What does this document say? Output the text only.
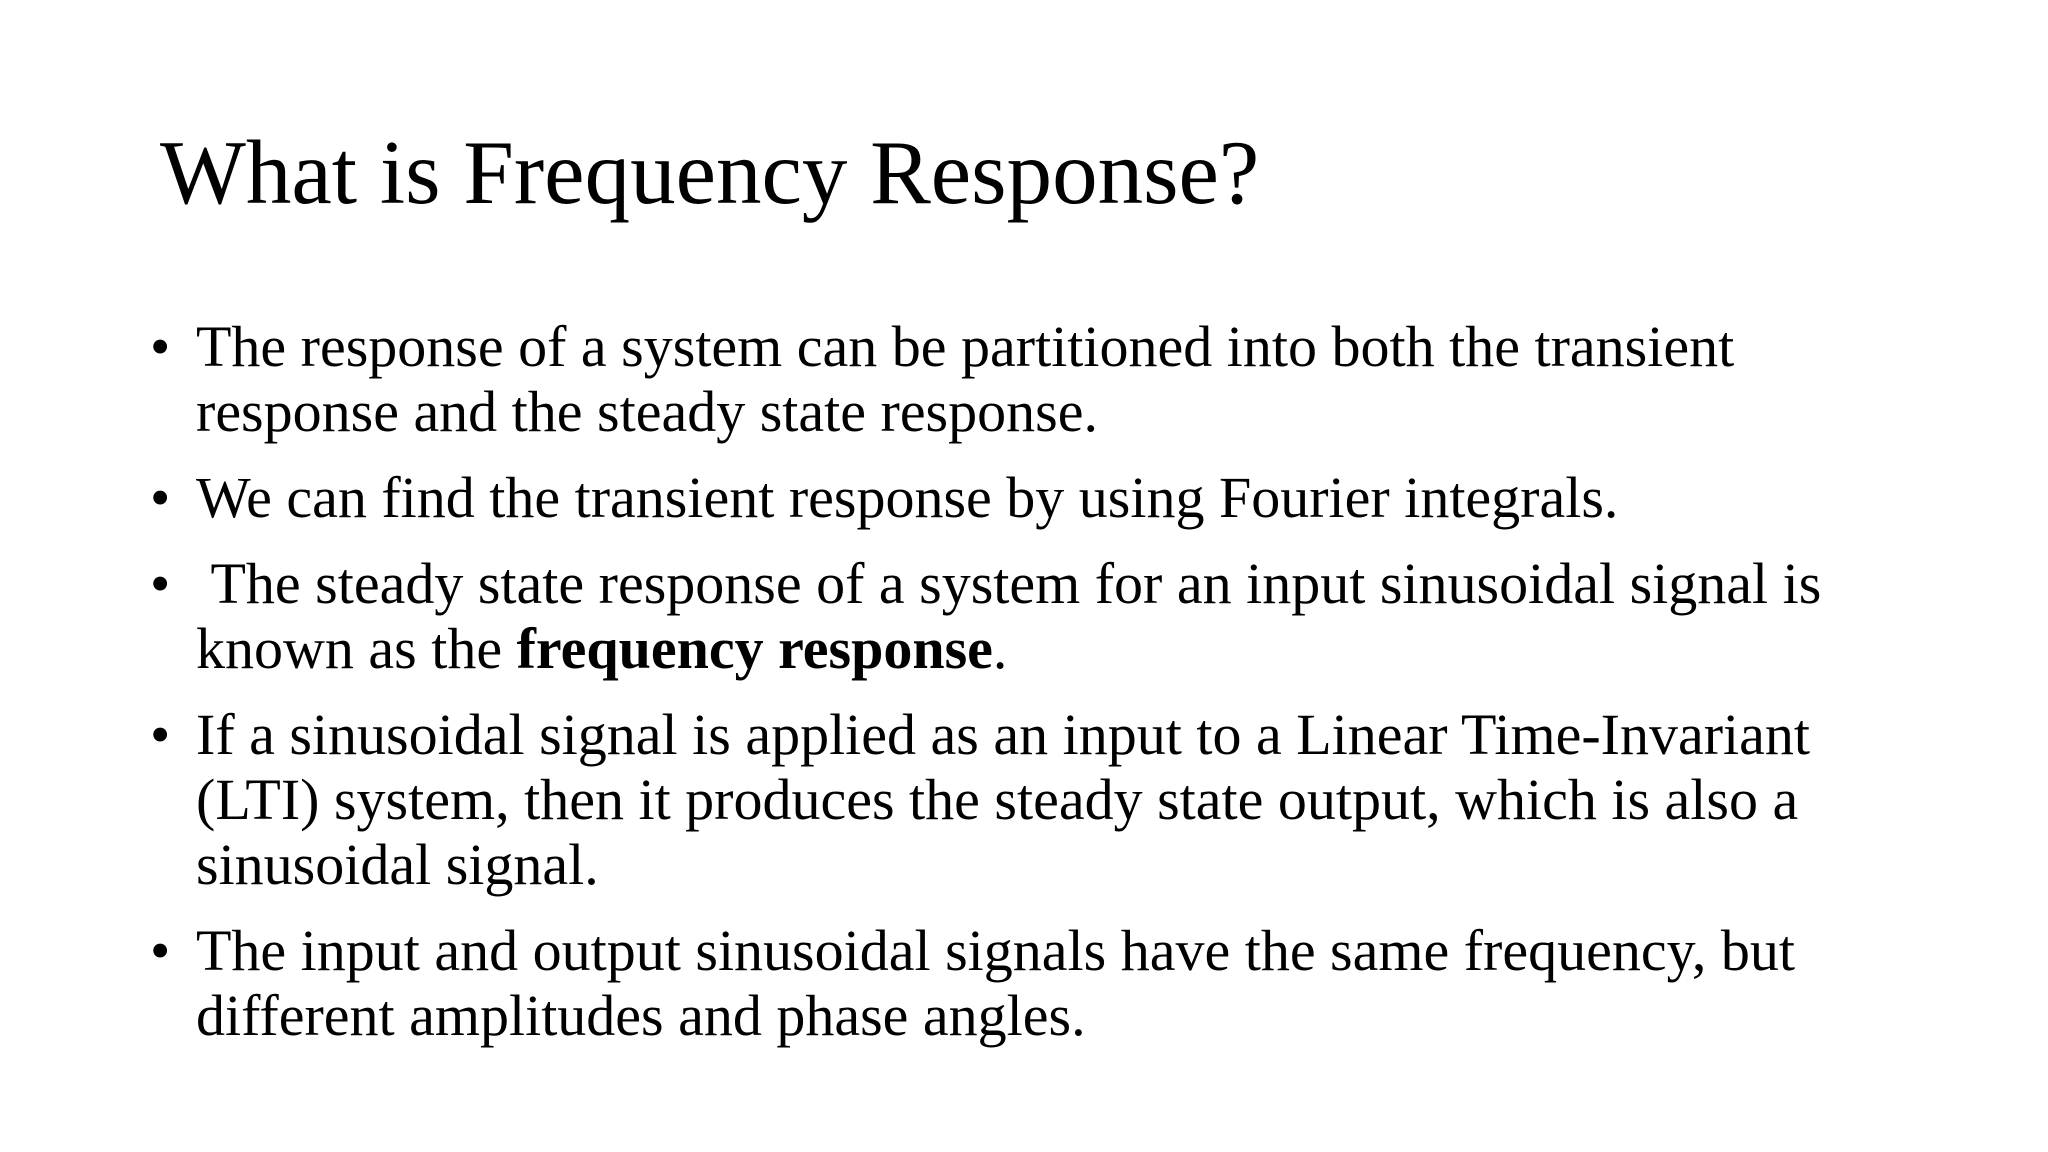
What is Frequency Response?
• The response of a system can be partitioned into both the transient response and the steady state response.
• We can find the transient response by using Fourier integrals.
• The steady state response of a system for an input sinusoidal signal is known as the frequency response.
• If a sinusoidal signal is applied as an input to a Linear Time-Invariant (LTI) system, then it produces the steady state output, which is also a sinusoidal signal.
• The input and output sinusoidal signals have the same frequency, but different amplitudes and phase angles.
